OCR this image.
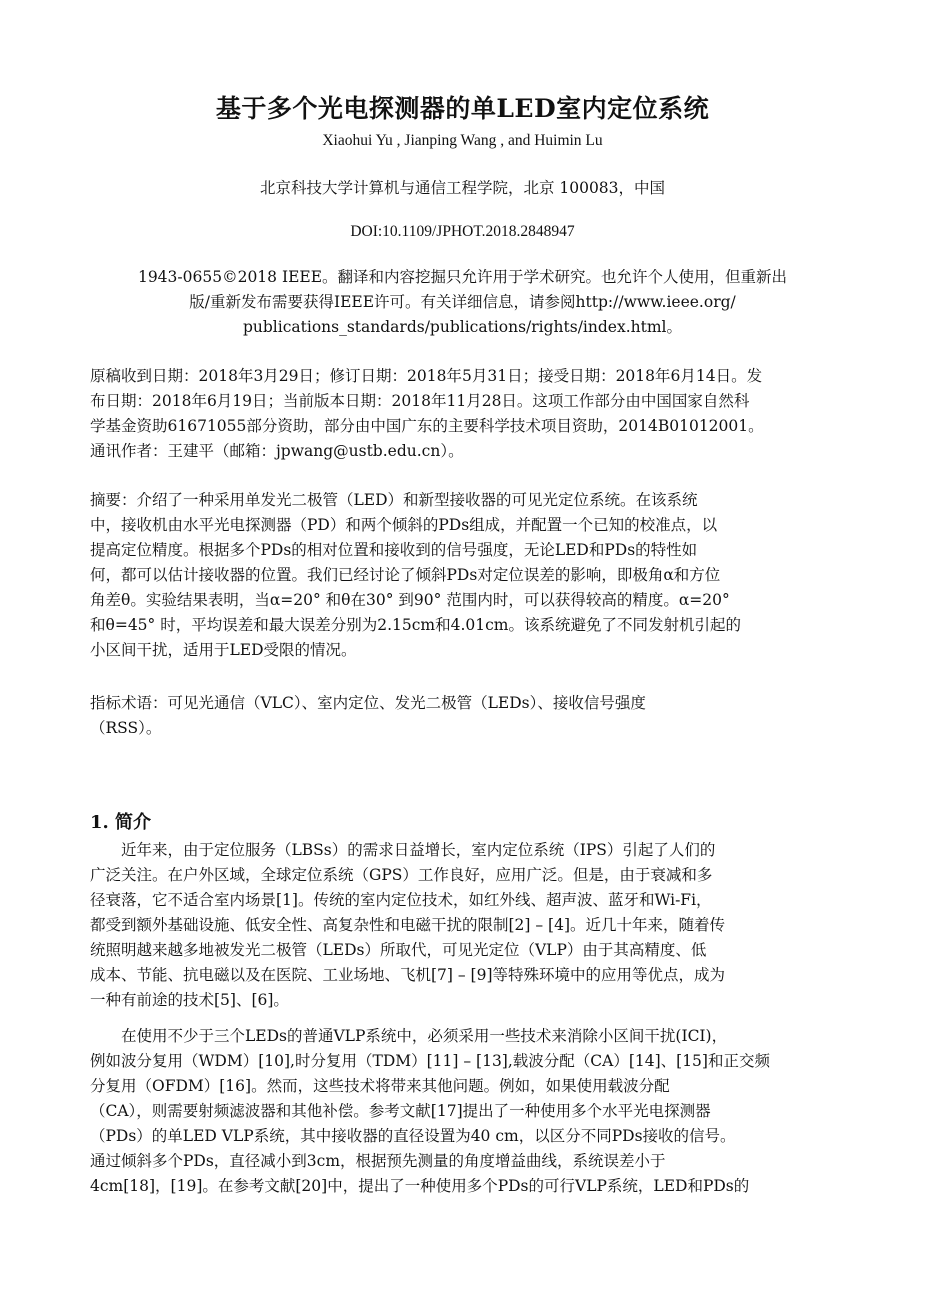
基于多个光电探测器的单LED室内定位系统
Xiaohui Yu , Jianping Wang , and Huimin Lu
北京科技大学计算机与通信工程学院，北京 100083，中国
DOI:10.1109/JPHOT.2018.2848947
1943-0655©2018 IEEE。翻译和内容挖掘只允许用于学术研究。也允许个人使用，但重新出
版/重新发布需要获得IEEE许可。有关详细信息，请参阅http://www.ieee.org/
publications_standards/publications/rights/index.html。
原稿收到日期：2018年3月29日；修订日期：2018年5月31日；接受日期：2018年6月14日。发
布日期：2018年6月19日；当前版本日期：2018年11月28日。这项工作部分由中国国家自然科
学基金资助61671055部分资助，部分由中国广东的主要科学技术项目资助，2014B01012001。
通讯作者：王建平（邮箱：jpwang@ustb.edu.cn）。
摘要：介绍了一种采用单发光二极管（LED）和新型接收器的可见光定位系统。在该系统
中，接收机由水平光电探测器（PD）和两个倾斜的PDs组成，并配置一个已知的校准点，以
提高定位精度。根据多个PDs的相对位置和接收到的信号强度，无论LED和PDs的特性如
何，都可以估计接收器的位置。我们已经讨论了倾斜PDs对定位误差的影响，即极角α和方位
角差θ。实验结果表明，当α=20° 和θ在30° 到90° 范围内时，可以获得较高的精度。α=20°
和θ=45° 时，平均误差和最大误差分别为2.15cm和4.01cm。该系统避免了不同发射机引起的
小区间干扰，适用于LED受限的情况。
指标术语：可见光通信（VLC）、室内定位、发光二极管（LEDs）、接收信号强度
（RSS）。
1. 简介
近年来，由于定位服务（LBSs）的需求日益增长，室内定位系统（IPS）引起了人们的
广泛关注。在户外区域，全球定位系统（GPS）工作良好，应用广泛。但是，由于衰减和多
径衰落，它不适合室内场景[1]。传统的室内定位技术，如红外线、超声波、蓝牙和Wi-Fi，
都受到额外基础设施、低安全性、高复杂性和电磁干扰的限制[2] – [4]。近几十年来，随着传
统照明越来越多地被发光二极管（LEDs）所取代，可见光定位（VLP）由于其高精度、低
成本、节能、抗电磁以及在医院、工业场地、飞机[7] – [9]等特殊环境中的应用等优点，成为
一种有前途的技术[5]、[6]。
在使用不少于三个LEDs的普通VLP系统中，必须采用一些技术来消除小区间干扰(ICI)，
例如波分复用（WDM）[10],时分复用（TDM）[11] – [13],载波分配（CA）[14]、[15]和正交频
分复用（OFDM）[16]。然而，这些技术将带来其他问题。例如，如果使用载波分配
（CA），则需要射频滤波器和其他补偿。参考文献[17]提出了一种使用多个水平光电探测器
（PDs）的单LED VLP系统，其中接收器的直径设置为40 cm，以区分不同PDs接收的信号。
通过倾斜多个PDs，直径减小到3cm，根据预先测量的角度增益曲线，系统误差小于
4cm[18]，[19]。在参考文献[20]中，提出了一种使用多个PDs的可行VLP系统，LED和PDs的
